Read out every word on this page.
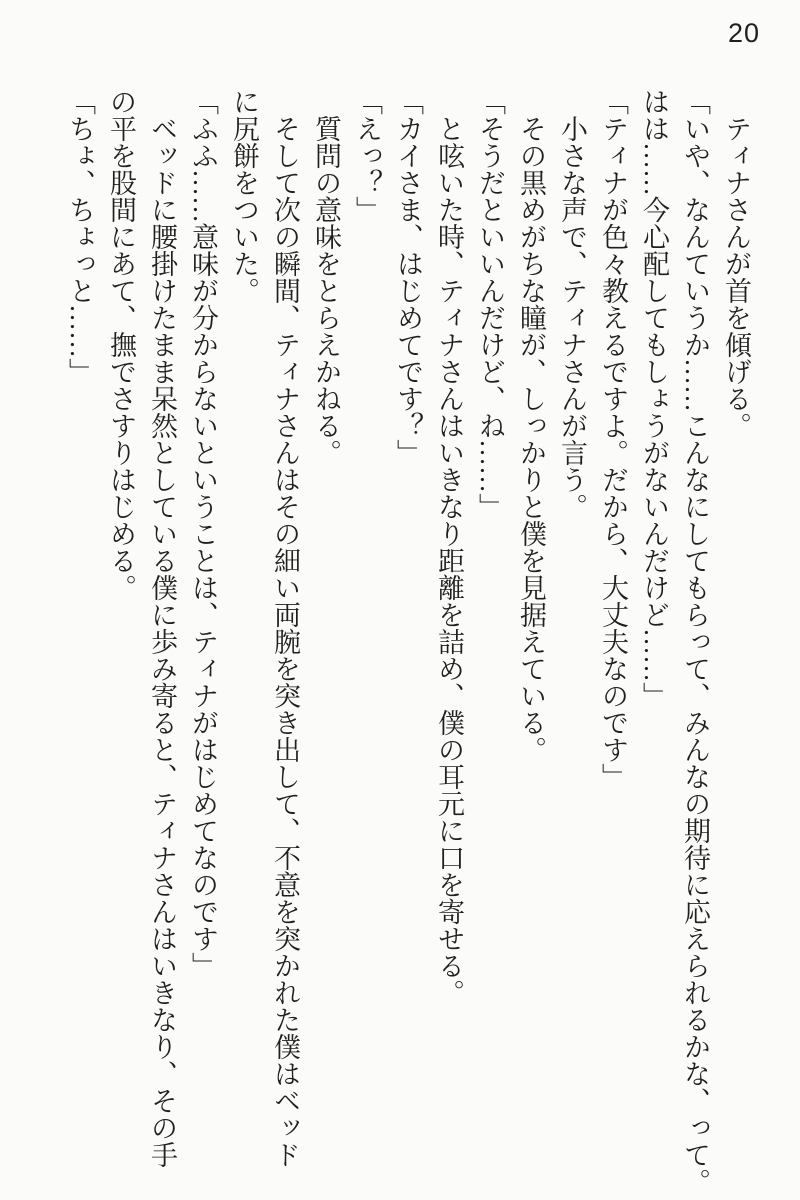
20
ティナさんが首を傾げる。
「いや、なんていうか……こんなにしてもらって、みんなの期待に応えられるかな、って。
はは……今心配してもしょうがないんだけど……」
「ティナが色々教えるですよ。だから、大丈夫なのです」
小さな声で、ティナさんが言う。
その黒めがちな瞳が、しっかりと僕を見据えている。
「そうだといいんだけど、ね……」
と呟いた時、ティナさんはいきなり距離を詰め、僕の耳元に口を寄せる。
「カイさま、はじめてです？」
「えっ？」
質問の意味をとらえかねる。
そして次の瞬間、ティナさんはその細い両腕を突き出して、不意を突かれた僕はベッド
に尻餅をついた。
「ふふ……意味が分からないということは、ティナがはじめてなのです」
ベッドに腰掛けたまま呆然としている僕に歩み寄ると、ティナさんはいきなり、その手
の平を股間にあて、撫でさすりはじめる。
「ちょ、ちょっと……」
